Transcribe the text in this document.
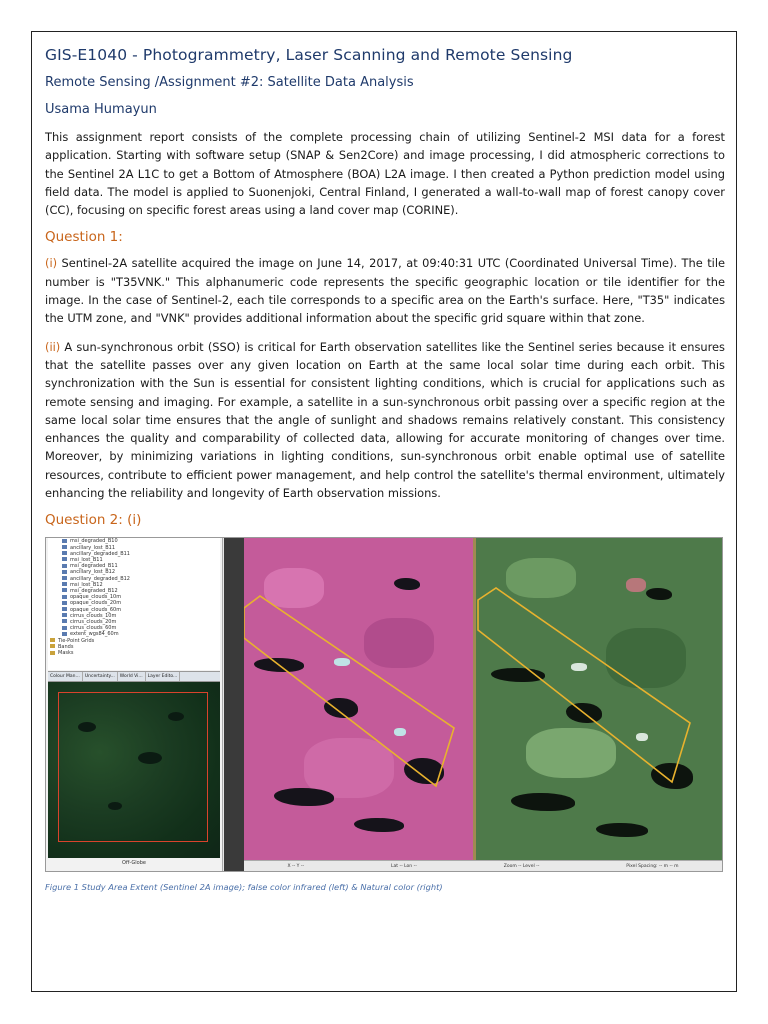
GIS-E1040 - Photogrammetry, Laser Scanning and Remote Sensing
Remote Sensing /Assignment #2: Satellite Data Analysis
Usama Humayun

This assignment report consists of the complete processing chain of utilizing Sentinel-2 MSI data for a forest application. Starting with software setup (SNAP & Sen2Core) and image processing, I did atmospheric corrections to the Sentinel 2A L1C to get a Bottom of Atmosphere (BOA) L2A image. I then created a Python prediction model using field data. The model is applied to Suonenjoki, Central Finland, I generated a wall-to-wall map of forest canopy cover (CC), focusing on specific forest areas using a land cover map (CORINE).

Question 1:

(i) Sentinel-2A satellite acquired the image on June 14, 2017, at 09:40:31 UTC (Coordinated Universal Time). The tile number is "T35VNK." This alphanumeric code represents the specific geographic location or tile identifier for the image. In the case of Sentinel-2, each tile corresponds to a specific area on the Earth's surface. Here, "T35" indicates the UTM zone, and "VNK" provides additional information about the specific grid square within that zone.

(ii) A sun-synchronous orbit (SSO) is critical for Earth observation satellites like the Sentinel series because it ensures that the satellite passes over any given location on Earth at the same local solar time during each orbit. This synchronization with the Sun is essential for consistent lighting conditions, which is crucial for applications such as remote sensing and imaging. For example, a satellite in a sun-synchronous orbit passing over a specific region at the same local solar time ensures that the angle of sunlight and shadows remains relatively constant. This consistency enhances the quality and comparability of collected data, allowing for accurate monitoring of changes over time. Moreover, by minimizing variations in lighting conditions, sun-synchronous orbit enable optimal use of satellite resources, contribute to efficient power management, and help control the satellite's thermal environment, ultimately enhancing the reliability and longevity of Earth observation missions.

Question 2: (i)
msi_degraded_B10
ancillary_lost_B11
ancillary_degraded_B11
msi_lost_B11
msi_degraded_B11
ancillary_lost_B12
ancillary_degraded_B12
msi_lost_B12
msi_degraded_B12
opaque_clouds_10m
opaque_clouds_20m
opaque_clouds_60m
cirrus_clouds_10m
cirrus_clouds_20m
cirrus_clouds_60m
extent_wgs84_60m
Tie-Point Grids
Bands
Masks
Colour Man...	Uncertainty...	World Vi...	Layer Edito...
Off-Globe
X -- Y --	Lat -- Lon --	Zoom -- Level --	Pixel Spacing: -- m -- m
Figure 1 Study Area Extent (Sentinel 2A image); false color infrared (left) & Natural color (right)
